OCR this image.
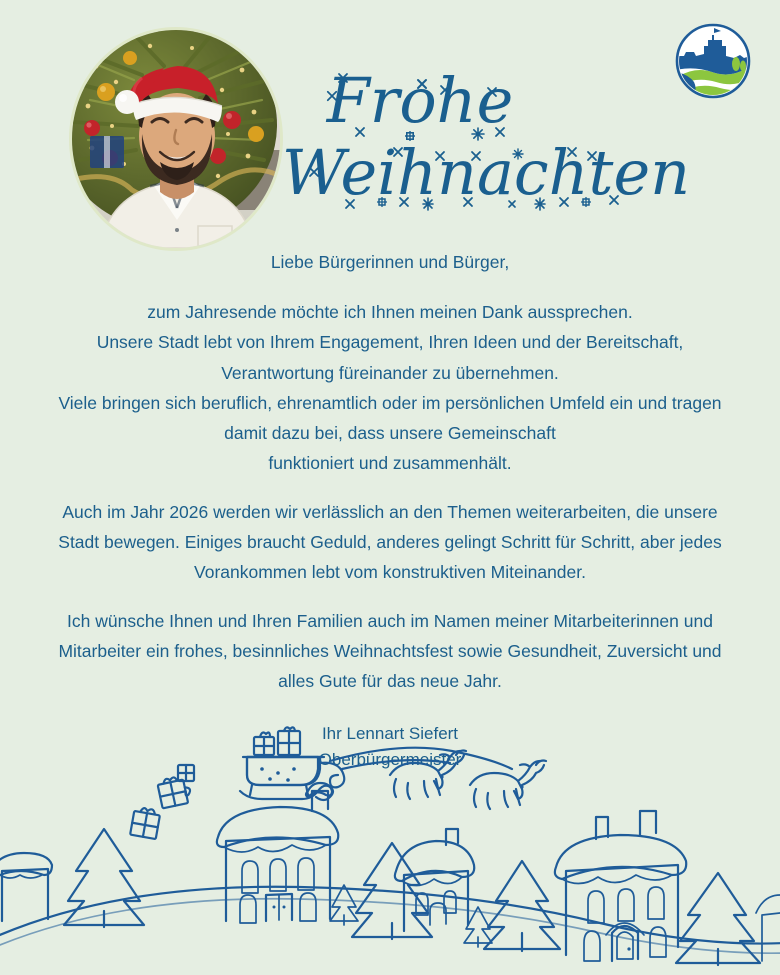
Frohe
Weihnachten
Liebe Bürgerinnen und Bürger,
zum Jahresende möchte ich Ihnen meinen Dank aussprechen.
Unsere Stadt lebt von Ihrem Engagement, Ihren Ideen und der Bereitschaft,
Verantwortung füreinander zu übernehmen.
Viele bringen sich beruflich, ehrenamtlich oder im persönlichen Umfeld ein und tragen
damit dazu bei, dass unsere Gemeinschaft
funktioniert und zusammenhält.
Auch im Jahr 2026 werden wir verlässlich an den Themen weiterarbeiten, die unsere
Stadt bewegen. Einiges braucht Geduld, anderes gelingt Schritt für Schritt, aber jedes
Vorankommen lebt vom konstruktiven Miteinander.
Ich wünsche Ihnen und Ihren Familien auch im Namen meiner Mitarbeiterinnen und
Mitarbeiter ein frohes, besinnliches Weihnachtsfest sowie Gesundheit, Zuversicht und
alles Gute für das neue Jahr.
Ihr Lennart Siefert
Oberbürgermeister
